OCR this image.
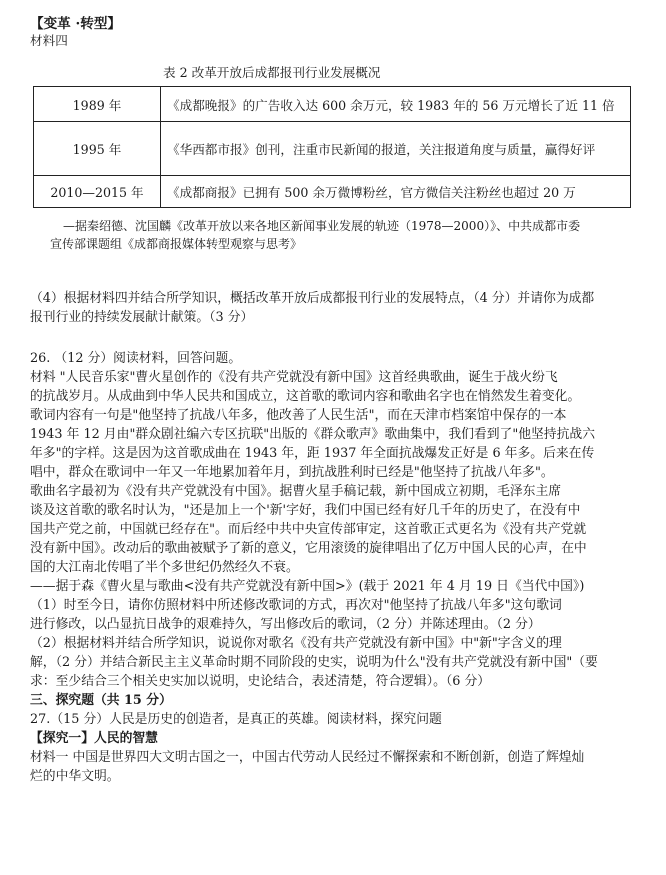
【变革 ·转型】
材料四
表 2 改革开放后成都报刊行业发展概况
1989 年	《成都晚报》的广告收入达 600 余万元，较 1983 年的 56 万元增长了近 11 倍
1995 年	《华西都市报》创刊，注重市民新闻的报道，关注报道角度与质量，赢得好评
2010—2015 年	《成都商报》已拥有 500 余万微博粉丝，官方微信关注粉丝也超过 20 万
—据秦绍德、沈国麟《改革开放以来各地区新闻事业发展的轨迹（1978—2000）》、中共成都市委
宣传部课题组《成都商报媒体转型观察与思考》
（4）根据材料四并结合所学知识，概括改革开放后成都报刊行业的发展特点，（4 分）并请你为成都
报刊行业的持续发展献计献策。（3 分）
26. （12 分）阅读材料，回答问题。
材料 "人民音乐家"曹火星创作的《没有共产党就没有新中国》这首经典歌曲，诞生于战火纷飞
的抗战岁月。从成曲到中华人民共和国成立，这首歌的歌词内容和歌曲名字也在悄然发生着变化。
歌词内容有一句是"他坚持了抗战八年多，他改善了人民生活"，而在天津市档案馆中保存的一本
1943 年 12 月由"群众剧社编六专区抗联"出版的《群众歌声》歌曲集中，我们看到了"他坚持抗战六
年多"的字样。这是因为这首歌成曲在 1943 年，距 1937 年全面抗战爆发正好是 6 年多。后来在传
唱中，群众在歌词中一年又一年地累加着年月，到抗战胜利时已经是"他坚持了抗战八年多"。
歌曲名字最初为《没有共产党就没有中国》。据曹火星手稿记载，新中国成立初期，毛泽东主席
谈及这首歌的歌名时认为，"还是加上一个'新'字好，我们中国已经有好几千年的历史了，在没有中
国共产党之前，中国就已经存在"。而后经中共中央宣传部审定，这首歌正式更名为《没有共产党就
没有新中国》。改动后的歌曲被赋予了新的意义，它用滚烫的旋律唱出了亿万中国人民的心声，在中
国的大江南北传唱了半个多世纪仍然经久不衰。
——据于森《曹火星与歌曲<没有共产党就没有新中国>》(载于 2021 年 4 月 19 日《当代中国》)
（1）时至今日，请你仿照材料中所述修改歌词的方式，再次对"他坚持了抗战八年多"这句歌词
进行修改，以凸显抗日战争的艰难持久，写出修改后的歌词，（2 分）并陈述理由。（2 分）
（2）根据材料并结合所学知识，说说你对歌名《没有共产党就没有新中国》中"新"字含义的理
解，（2 分）并结合新民主主义革命时期不同阶段的史实，说明为什么"没有共产党就没有新中国"（要
求：至少结合三个相关史实加以说明，史论结合，表述清楚，符合逻辑）。（6 分）
三、探究题（共 15 分）
27.（15 分）人民是历史的创造者，是真正的英雄。阅读材料，探究问题
【探究一】人民的智慧
材料一 中国是世界四大文明古国之一，中国古代劳动人民经过不懈探索和不断创新，创造了辉煌灿
烂的中华文明。
